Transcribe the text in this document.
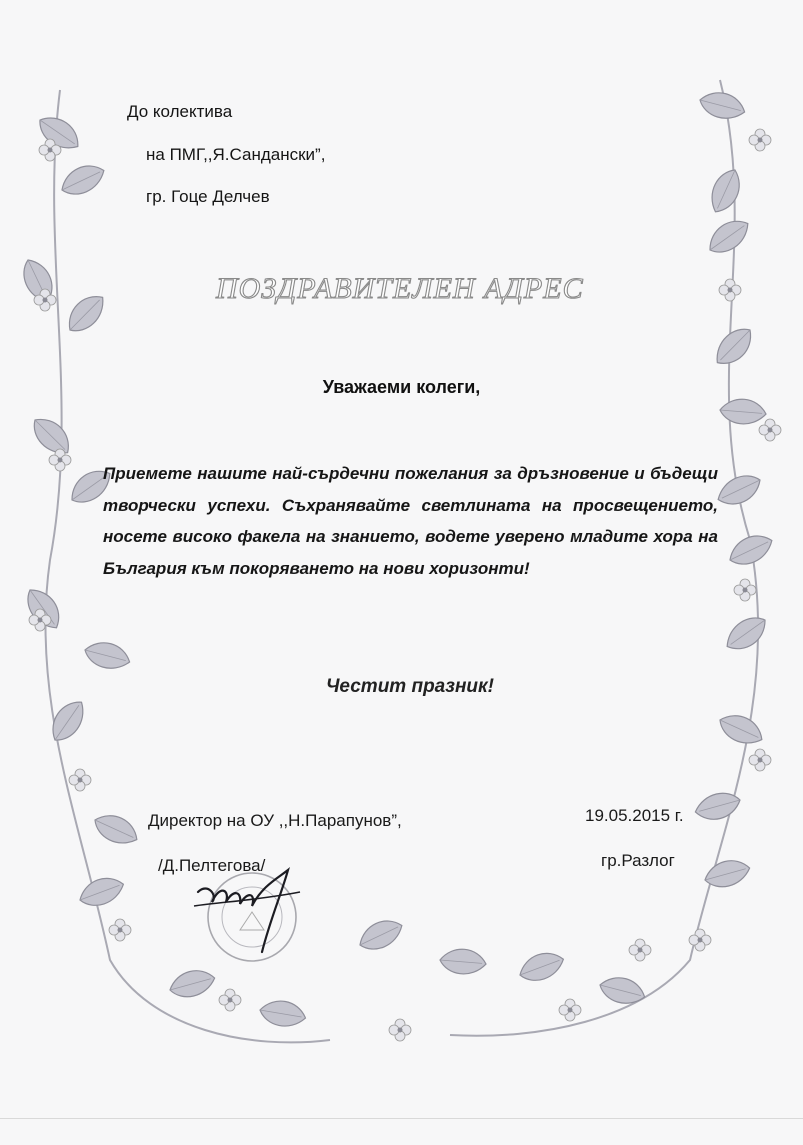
До колектива

на ПМГ,,Я.Сандански”,

гр. Гоце Делчев

ПОЗДРАВИТЕЛЕН АДРЕС

Уважаеми колеги,

Приемете нашите най-сърдечни пожелания за дръзновение и бъдещи творчески успехи. Съхранявайте светлината на просвещението, носете високо факела на знанието, водете уверено младите хора на България към покоряването на нови хоризонти!

Честит празник!

Директор на ОУ ,,Н.Парапунов”,	19.05.2015 г.

/Д.Пелтегова/	гр.Разлог
